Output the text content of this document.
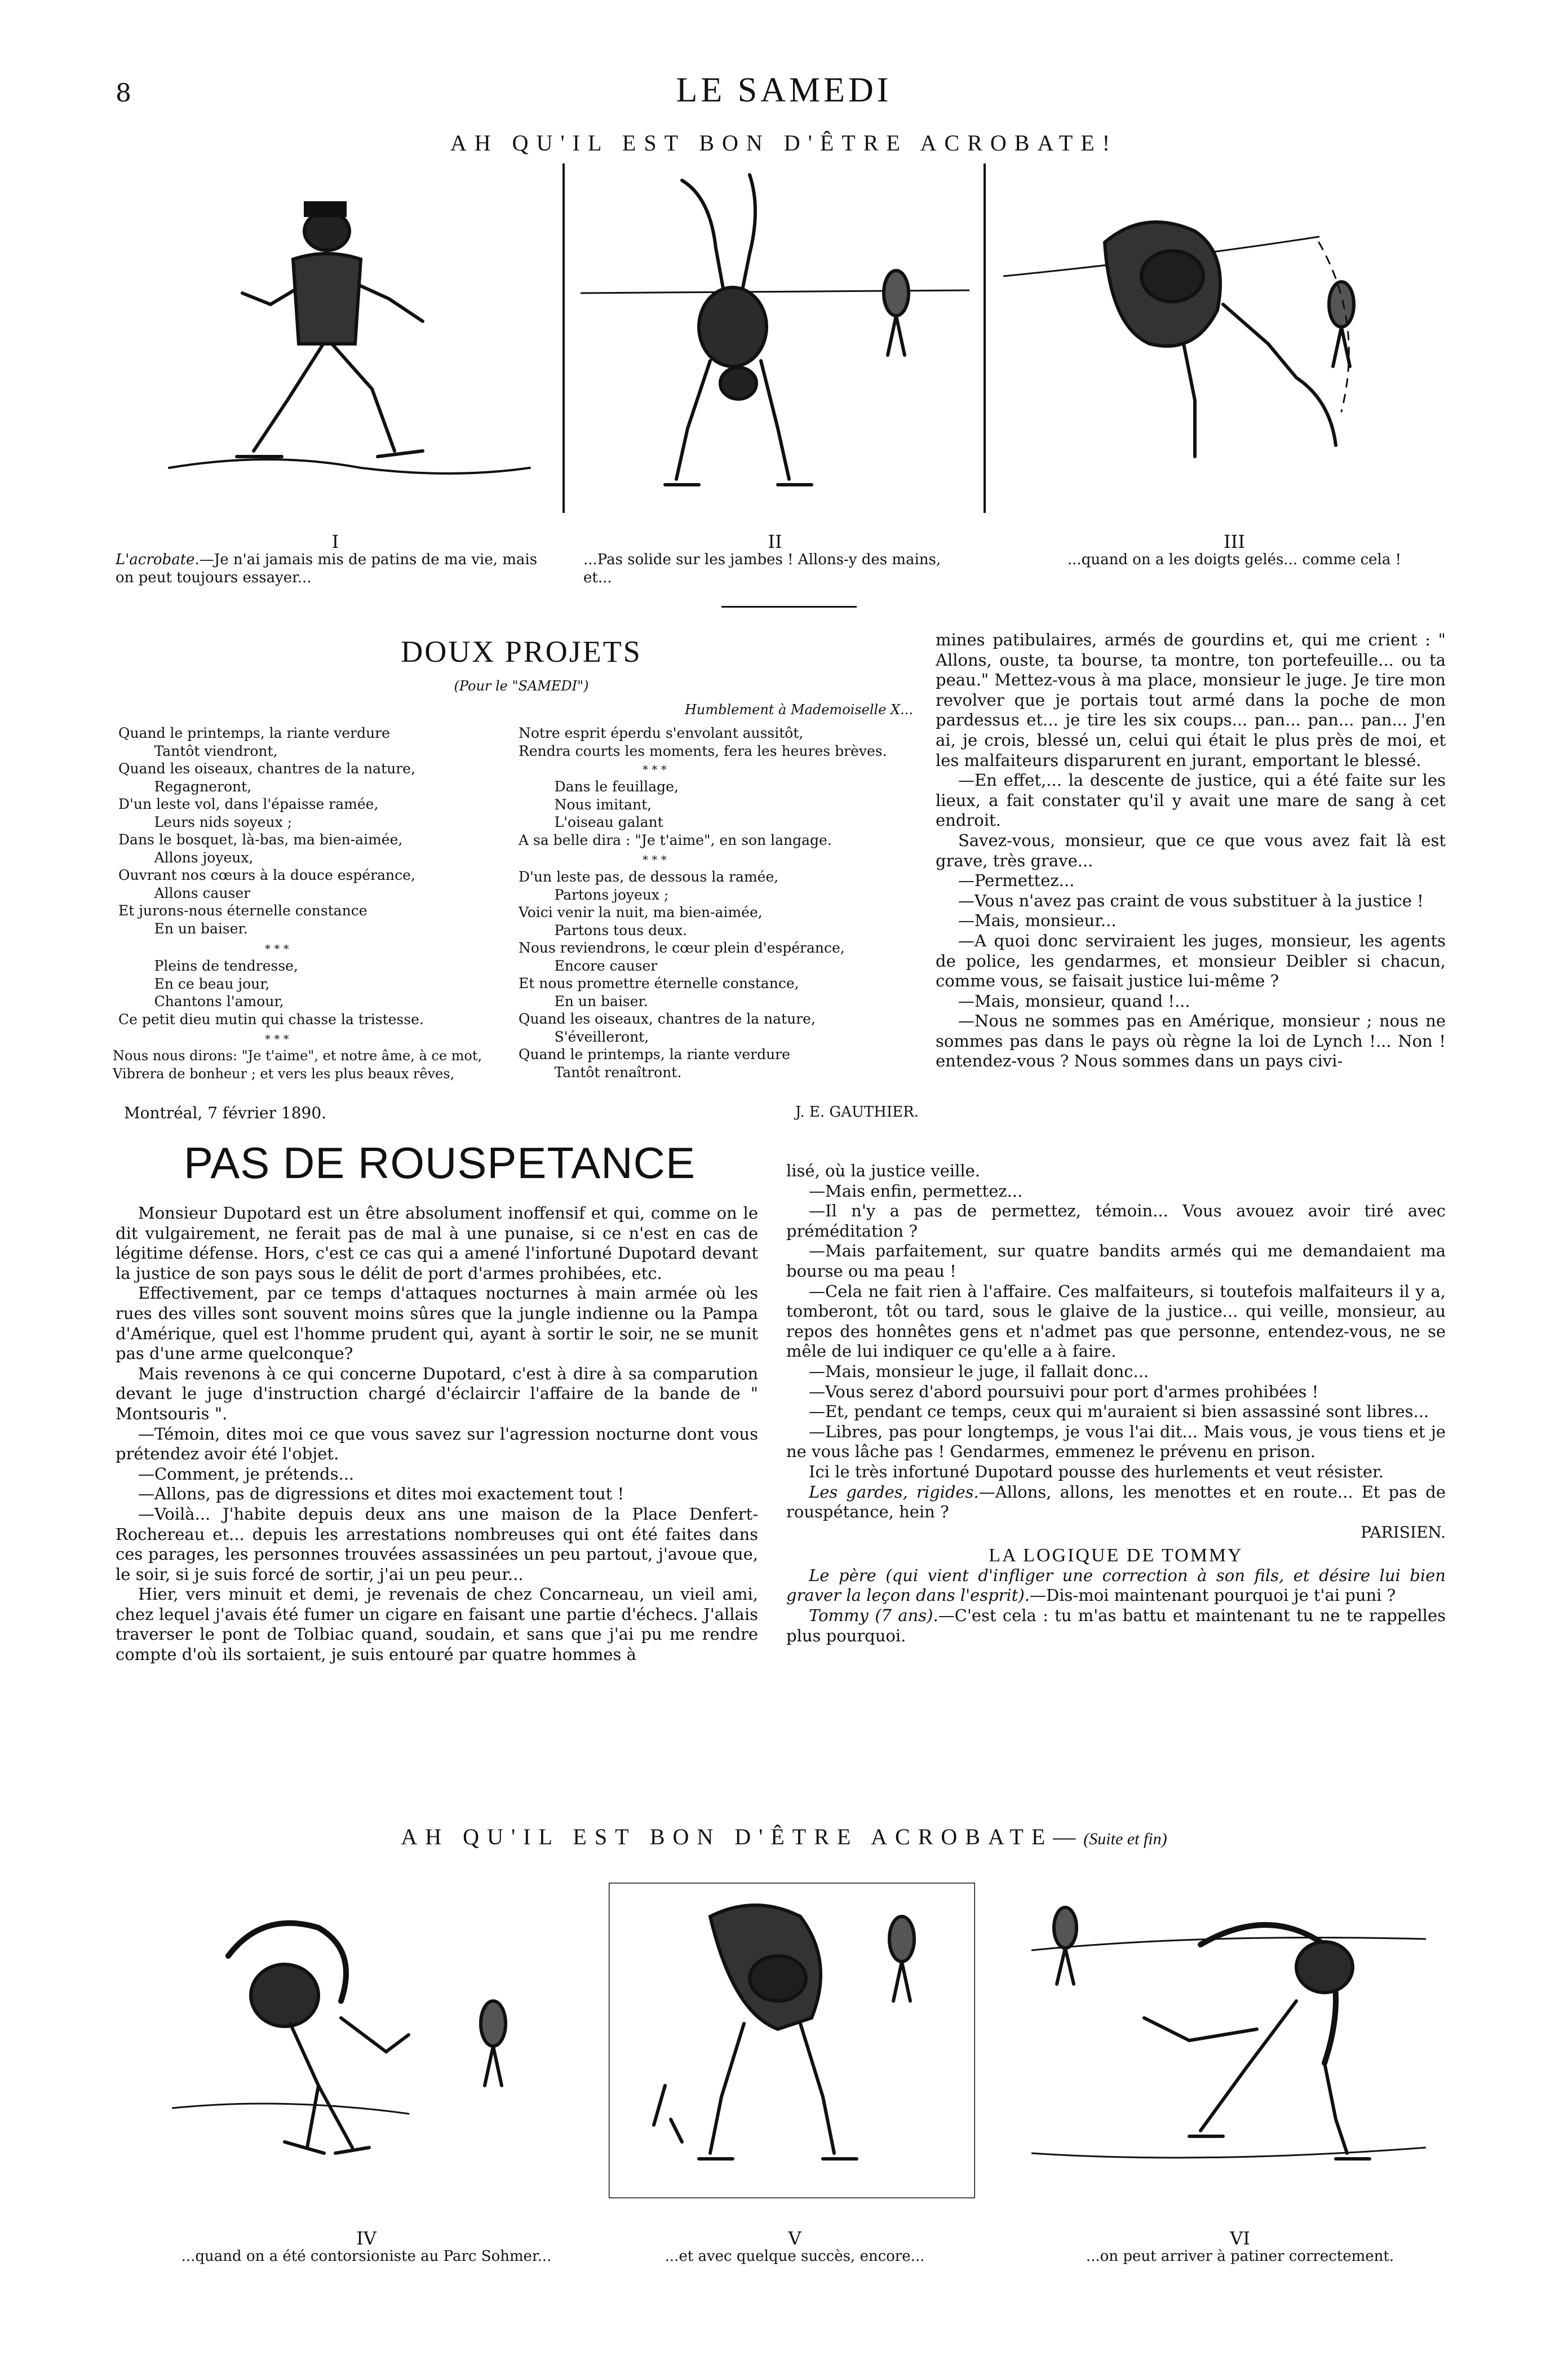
8	LE SAMEDI
AH QU'IL EST BON D'ÊTRE ACROBATE!
I
L'acrobate.—Je n'ai jamais mis de patins de ma vie, mais on peut toujours essayer...
II
...Pas solide sur les jambes ! Allons-y des mains, et...
III
...quand on a les doigts gelés... comme cela !
DOUX PROJETS
(Pour le "SAMEDI")
Humblement à Mademoiselle X...
Quand le printemps, la riante verdure
Tantôt viendront,
Quand les oiseaux, chantres de la nature,
Regagneront,
D'un leste vol, dans l'épaisse ramée,
Leurs nids soyeux ;
Dans le bosquet, là-bas, ma bien-aimée,
Allons joyeux,
Ouvrant nos cœurs à la douce espérance,
Allons causer
Et jurons-nous éternelle constance
En un baiser.
* * *
Pleins de tendresse,
En ce beau jour,
Chantons l'amour,
Ce petit dieu mutin qui chasse la tristesse.
* * *
Nous nous dirons: "Je t'aime", et notre âme, à ce mot,
Vibrera de bonheur ; et vers les plus beaux rêves,
Montréal, 7 février 1890.
Notre esprit éperdu s'envolant aussitôt,
Rendra courts les moments, fera les heures brèves.
* * *
Dans le feuillage,
Nous imitant,
L'oiseau galant
A sa belle dira : "Je t'aime", en son langage.
* * *
D'un leste pas, de dessous la ramée,
Partons joyeux ;
Voici venir la nuit, ma bien-aimée,
Partons tous deux.
Nous reviendrons, le cœur plein d'espérance,
Encore causer
Et nous promettre éternelle constance,
En un baiser.
Quand les oiseaux, chantres de la nature,
S'éveilleront,
Quand le printemps, la riante verdure
Tantôt renaîtront.
J. E. GAUTHIER.
PAS DE ROUSPETANCE

Monsieur Dupotard est un être absolument inoffensif et qui, comme on le dit vulgairement, ne ferait pas de mal à une punaise, si ce n'est en cas de légitime défense. Hors, c'est ce cas qui a amené l'infortuné Dupotard devant la justice de son pays sous le délit de port d'armes prohibées, etc.

Effectivement, par ce temps d'attaques nocturnes à main armée où les rues des villes sont souvent moins sûres que la jungle indienne ou la Pampa d'Amérique, quel est l'homme prudent qui, ayant à sortir le soir, ne se munit pas d'une arme quelconque?

Mais revenons à ce qui concerne Dupotard, c'est à dire à sa comparution devant le juge d'instruction chargé d'éclaircir l'affaire de la bande de " Montsouris ".

—Témoin, dites moi ce que vous savez sur l'agression nocturne dont vous prétendez avoir été l'objet.

—Comment, je prétends...

—Allons, pas de digressions et dites moi exactement tout !

—Voilà... J'habite depuis deux ans une maison de la Place Denfert-Rochereau et... depuis les arrestations nombreuses qui ont été faites dans ces parages, les personnes trouvées assassinées un peu partout, j'avoue que, le soir, si je suis forcé de sortir, j'ai un peu peur...

Hier, vers minuit et demi, je revenais de chez Concarneau, un vieil ami, chez lequel j'avais été fumer un cigare en faisant une partie d'échecs. J'allais traverser le pont de Tolbiac quand, soudain, et sans que j'ai pu me rendre compte d'où ils sortaient, je suis entouré par quatre hommes à

mines patibulaires, armés de gourdins et, qui me crient : " Allons, ouste, ta bourse, ta montre, ton portefeuille... ou ta peau." Mettez-vous à ma place, monsieur le juge. Je tire mon revolver que je portais tout armé dans la poche de mon pardessus et... je tire les six coups... pan... pan... pan... J'en ai, je crois, blessé un, celui qui était le plus près de moi, et les malfaiteurs disparurent en jurant, emportant le blessé.

—En effet,... la descente de justice, qui a été faite sur les lieux, a fait constater qu'il y avait une mare de sang à cet endroit.

Savez-vous, monsieur, que ce que vous avez fait là est grave, très grave...

—Permettez...

—Vous n'avez pas craint de vous substituer à la justice !

—Mais, monsieur...

—A quoi donc serviraient les juges, monsieur, les agents de police, les gendarmes, et monsieur Deibler si chacun, comme vous, se faisait justice lui-même ?

—Mais, monsieur, quand !...

—Nous ne sommes pas en Amérique, monsieur ; nous ne sommes pas dans le pays où règne la loi de Lynch !... Non ! entendez-vous ? Nous sommes dans un pays civi-

lisé, où la justice veille.

—Mais enfin, permettez...

—Il n'y a pas de permettez, témoin... Vous avouez avoir tiré avec préméditation ?

—Mais parfaitement, sur quatre bandits armés qui me demandaient ma bourse ou ma peau !

—Cela ne fait rien à l'affaire. Ces malfaiteurs, si toutefois malfaiteurs il y a, tomberont, tôt ou tard, sous le glaive de la justice... qui veille, monsieur, au repos des honnêtes gens et n'admet pas que personne, entendez-vous, ne se mêle de lui indiquer ce qu'elle a à faire.

—Mais, monsieur le juge, il fallait donc...

—Vous serez d'abord poursuivi pour port d'armes prohibées !

—Et, pendant ce temps, ceux qui m'auraient si bien assassiné sont libres...

—Libres, pas pour longtemps, je vous l'ai dit... Mais vous, je vous tiens et je ne vous lâche pas ! Gendarmes, emmenez le prévenu en prison.

Ici le très infortuné Dupotard pousse des hurlements et veut résister.

Les gardes, rigides.—Allons, allons, les menottes et en route... Et pas de rouspétance, hein ?

PARISIEN.
LA LOGIQUE DE TOMMY

Le père (qui vient d'infliger une correction à son fils, et désire lui bien graver la leçon dans l'esprit).—Dis-moi maintenant pourquoi je t'ai puni ?

Tommy (7 ans).—C'est cela : tu m'as battu et maintenant tu ne te rappelles plus pourquoi.

AH QU'IL EST BON D'ÊTRE ACROBATE—(Suite et fin)
IV
...quand on a été contorsioniste au Parc Sohmer...
V
...et avec quelque succès, encore...
VI
...on peut arriver à patiner correctement.
